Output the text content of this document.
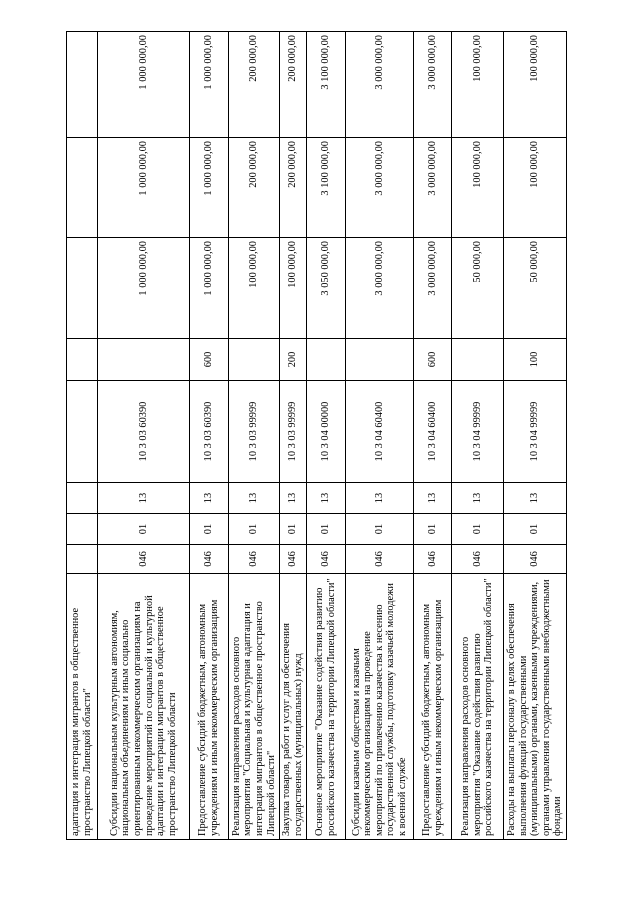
адаптация и интеграция мигрантов в общественное пространство Липецкой области"								
Субсидии национальным культурным автономиям, национальным объединениям и иным социально ориентированным некоммерческим организациям на проведение мероприятий по социальной и культурной адаптации и интеграции мигрантов в общественное пространство Липецкой области	046	01	13	10 3 03 60390		1 000 000,00	1 000 000,00	1 000 000,00
Предоставление субсидий бюджетным, автономным учреждениям и иным некоммерческим организациям	046	01	13	10 3 03 60390	600	1 000 000,00	1 000 000,00	1 000 000,00
Реализация направления расходов основного мероприятия "Социальная и культурная адаптация и интеграция мигрантов в общественное пространство Липецкой области"	046	01	13	10 3 03 99999		100 000,00	200 000,00	200 000,00
Закупка товаров, работ и услуг для обеспечения государственных (муниципальных) нужд	046	01	13	10 3 03 99999	200	100 000,00	200 000,00	200 000,00
Основное мероприятие "Оказание содействия развитию российского казачества на территории Липецкой области"	046	01	13	10 3 04 00000		3 050 000,00	3 100 000,00	3 100 000,00
Субсидии казачьим обществам и казачьим некоммерческим организациям на проведение мероприятий по привлечению казачества к несению государственной службы, подготовку казачьей молодежи к военной службе	046	01	13	10 3 04 60400		3 000 000,00	3 000 000,00	3 000 000,00
Предоставление субсидий бюджетным, автономным учреждениям и иным некоммерческим организациям	046	01	13	10 3 04 60400	600	3 000 000,00	3 000 000,00	3 000 000,00
Реализация направления расходов основного мероприятия "Оказание содействия развитию российского казачества на территории Липецкой области"	046	01	13	10 3 04 99999		50 000,00	100 000,00	100 000,00
Расходы на выплаты персоналу в целях обеспечения выполнения функций государственными (муниципальными) органами, казенными учреждениями, органами управления государственными внебюджетными фондами	046	01	13	10 3 04 99999	100	50 000,00	100 000,00	100 000,00
